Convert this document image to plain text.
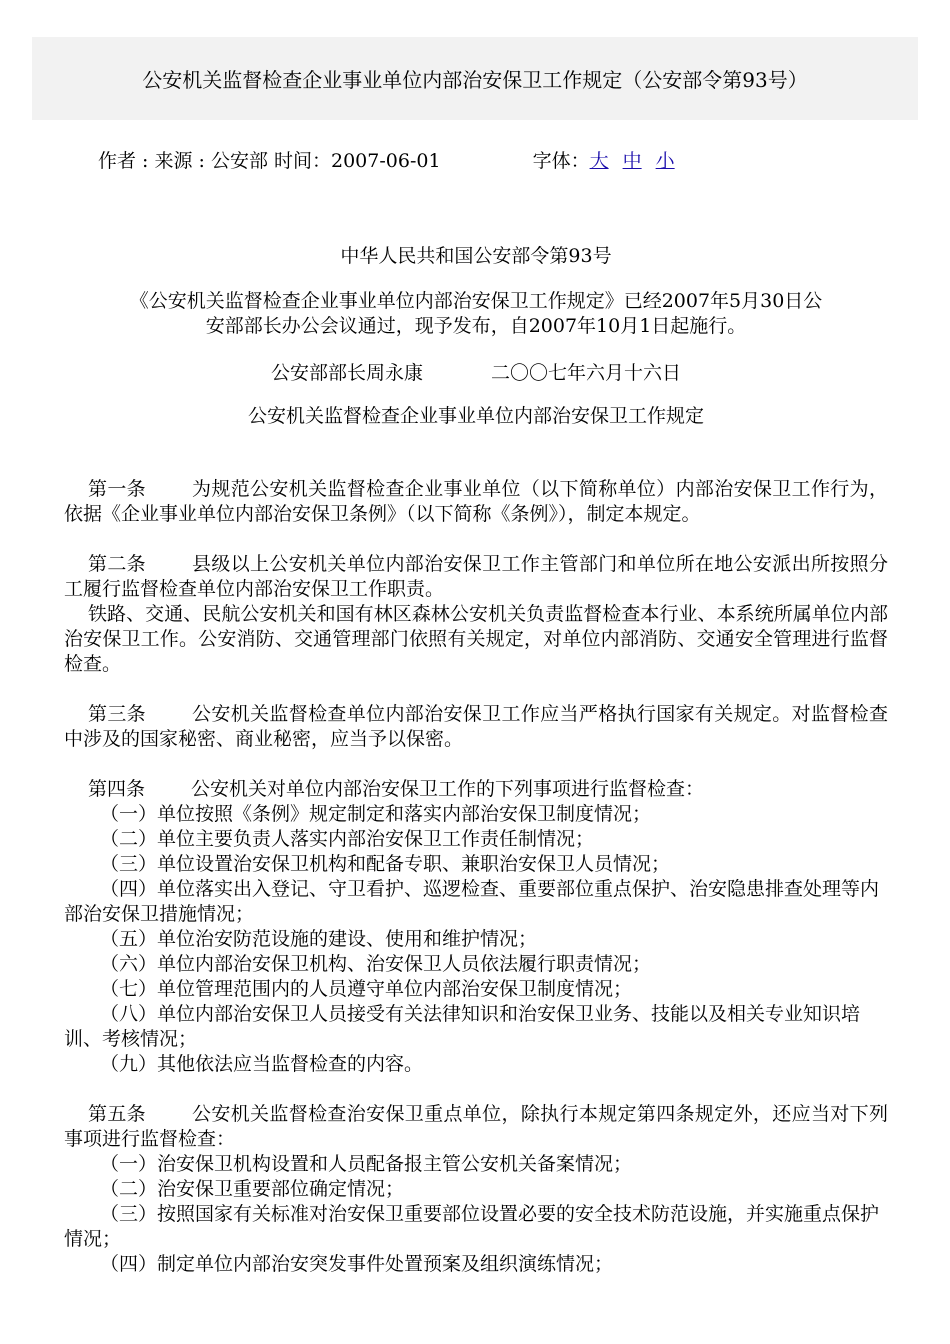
公安机关监督检查企业事业单位内部治安保卫工作规定（公安部令第93号）
作者 : 来源 : 公安部 时间：2007-06-01	字体：大 中 小
中华人民共和国公安部令第93号
《公安机关监督检查企业事业单位内部治安保卫工作规定》已经2007年5月30日公
安部部长办公会议通过，现予发布，自2007年10月1日起施行。
公安部部长周永康	二〇〇七年六月十六日
公安机关监督检查企业事业单位内部治安保卫工作规定

第一条 为规范公安机关监督检查企业事业单位（以下简称单位）内部治安保卫工作行为，依据《企业事业单位内部治安保卫条例》（以下简称《条例》），制定本规定。

第二条 县级以上公安机关单位内部治安保卫工作主管部门和单位所在地公安派出所按照分工履行监督检查单位内部治安保卫工作职责。

铁路、交通、民航公安机关和国有林区森林公安机关负责监督检查本行业、本系统所属单位内部治安保卫工作。公安消防、交通管理部门依照有关规定，对单位内部消防、交通安全管理进行监督检查。

第三条 公安机关监督检查单位内部治安保卫工作应当严格执行国家有关规定。对监督检查中涉及的国家秘密、商业秘密，应当予以保密。

第四条 公安机关对单位内部治安保卫工作的下列事项进行监督检查：

（一）单位按照《条例》规定制定和落实内部治安保卫制度情况；

（二）单位主要负责人落实内部治安保卫工作责任制情况；

（三）单位设置治安保卫机构和配备专职、兼职治安保卫人员情况；

（四）单位落实出入登记、守卫看护、巡逻检查、重要部位重点保护、治安隐患排查处理等内部治安保卫措施情况；

（五）单位治安防范设施的建设、使用和维护情况；

（六）单位内部治安保卫机构、治安保卫人员依法履行职责情况；

（七）单位管理范围内的人员遵守单位内部治安保卫制度情况；

（八）单位内部治安保卫人员接受有关法律知识和治安保卫业务、技能以及相关专业知识培训、考核情况；

（九）其他依法应当监督检查的内容。

第五条 公安机关监督检查治安保卫重点单位，除执行本规定第四条规定外，还应当对下列事项进行监督检查：

（一）治安保卫机构设置和人员配备报主管公安机关备案情况；

（二）治安保卫重要部位确定情况；

（三）按照国家有关标准对治安保卫重要部位设置必要的安全技术防范设施，并实施重点保护情况；

（四）制定单位内部治安突发事件处置预案及组织演练情况；
